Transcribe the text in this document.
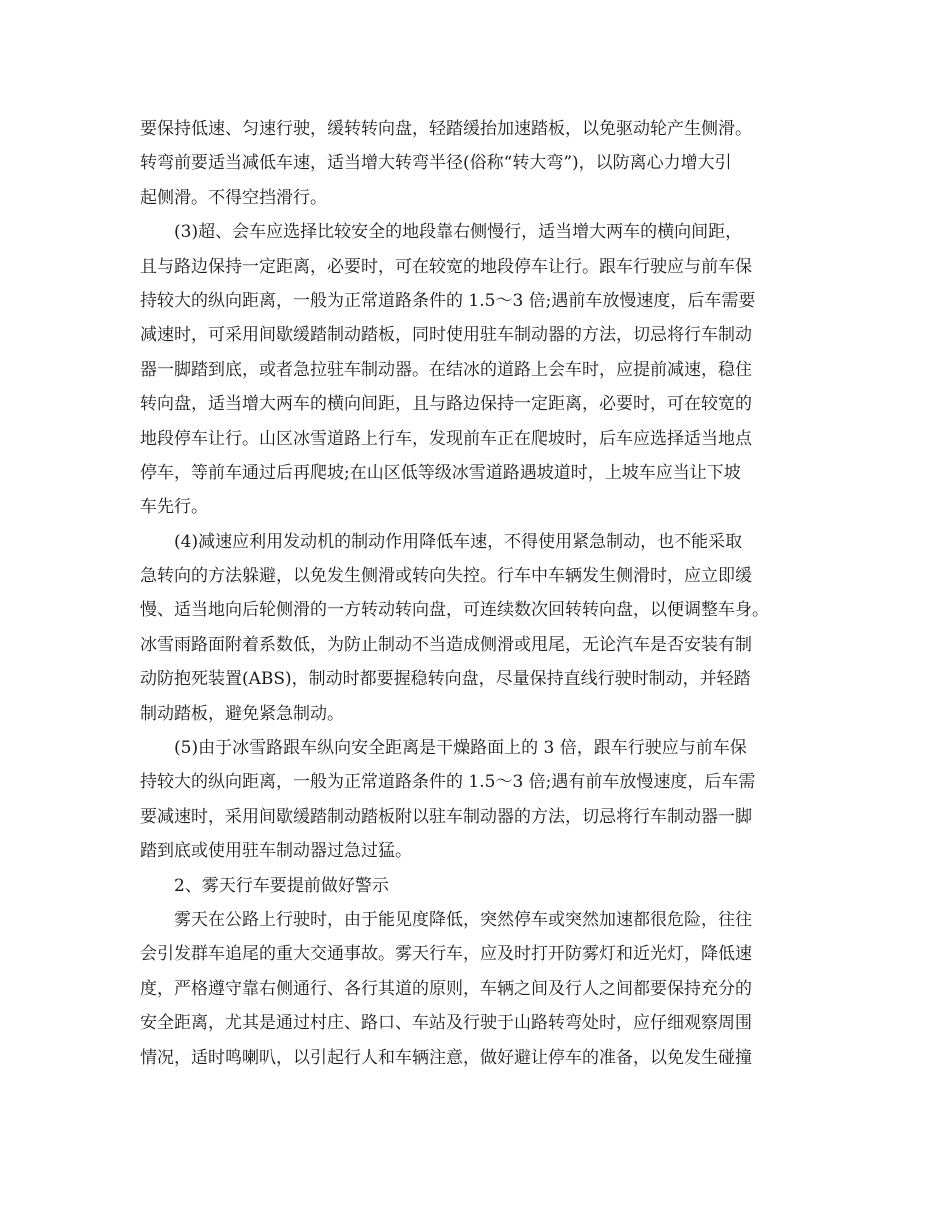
要保持低速、匀速行驶，缓转转向盘，轻踏缓抬加速踏板，以免驱动轮产生侧滑。
转弯前要适当减低车速，适当增大转弯半径(俗称“转大弯”)，以防离心力增大引
起侧滑。不得空挡滑行。
(3)超、会车应选择比较安全的地段靠右侧慢行，适当增大两车的横向间距，
且与路边保持一定距离，必要时，可在较宽的地段停车让行。跟车行驶应与前车保
持较大的纵向距离，一般为正常道路条件的 1.5～3 倍;遇前车放慢速度，后车需要
减速时，可采用间歇缓踏制动踏板，同时使用驻车制动器的方法，切忌将行车制动
器一脚踏到底，或者急拉驻车制动器。在结冰的道路上会车时，应提前减速，稳住
转向盘，适当增大两车的横向间距，且与路边保持一定距离，必要时，可在较宽的
地段停车让行。山区冰雪道路上行车，发现前车正在爬坡时，后车应选择适当地点
停车，等前车通过后再爬坡;在山区低等级冰雪道路遇坡道时，上坡车应当让下坡
车先行。
(4)减速应利用发动机的制动作用降低车速，不得使用紧急制动，也不能采取
急转向的方法躲避，以免发生侧滑或转向失控。行车中车辆发生侧滑时，应立即缓
慢、适当地向后轮侧滑的一方转动转向盘，可连续数次回转转向盘，以便调整车身。
冰雪雨路面附着系数低，为防止制动不当造成侧滑或甩尾，无论汽车是否安装有制
动防抱死装置(ABS)，制动时都要握稳转向盘，尽量保持直线行驶时制动，并轻踏
制动踏板，避免紧急制动。
(5)由于冰雪路跟车纵向安全距离是干燥路面上的 3 倍，跟车行驶应与前车保
持较大的纵向距离，一般为正常道路条件的 1.5～3 倍;遇有前车放慢速度，后车需
要减速时，采用间歇缓踏制动踏板附以驻车制动器的方法，切忌将行车制动器一脚
踏到底或使用驻车制动器过急过猛。
2、雾天行车要提前做好警示
雾天在公路上行驶时，由于能见度降低，突然停车或突然加速都很危险，往往
会引发群车追尾的重大交通事故。雾天行车，应及时打开防雾灯和近光灯，降低速
度，严格遵守靠右侧通行、各行其道的原则，车辆之间及行人之间都要保持充分的
安全距离，尤其是通过村庄、路口、车站及行驶于山路转弯处时，应仔细观察周围
情况，适时鸣喇叭，以引起行人和车辆注意，做好避让停车的准备，以免发生碰撞
